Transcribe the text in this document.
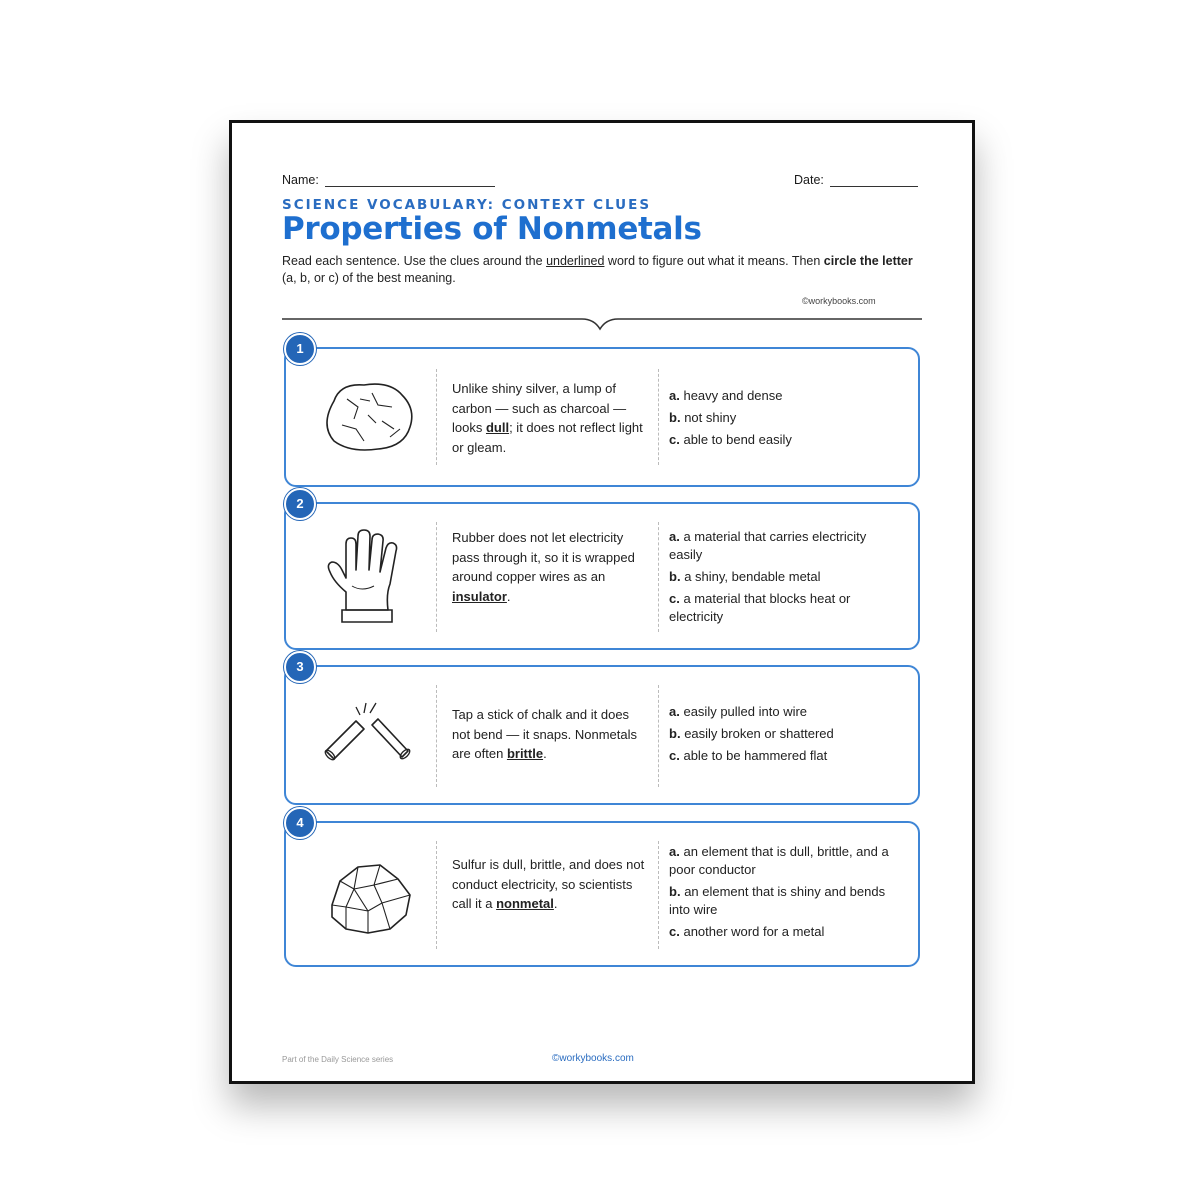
Name:	Date:
SCIENCE VOCABULARY: CONTEXT CLUES
Properties of Nonmetals
Read each sentence. Use the clues around the underlined word to figure out what it means. Then circle the letter (a, b, or c) of the best meaning.
©workybooks.com
1
Unlike shiny silver, a lump of carbon — such as charcoal — looks dull; it does not reflect light or gleam.
a. heavy and dense
b. not shiny
c. able to bend easily
2
Rubber does not let electricity pass through it, so it is wrapped around copper wires as an insulator.
a. a material that carries electricity easily
b. a shiny, bendable metal
c. a material that blocks heat or electricity
3
Tap a stick of chalk and it does not bend — it snaps. Nonmetals are often brittle.
a. easily pulled into wire
b. easily broken or shattered
c. able to be hammered flat
4
Sulfur is dull, brittle, and does not conduct electricity, so scientists call it a nonmetal.
a. an element that is dull, brittle, and a poor conductor
b. an element that is shiny and bends into wire
c. another word for a metal
Part of the Daily Science series	©workybooks.com
